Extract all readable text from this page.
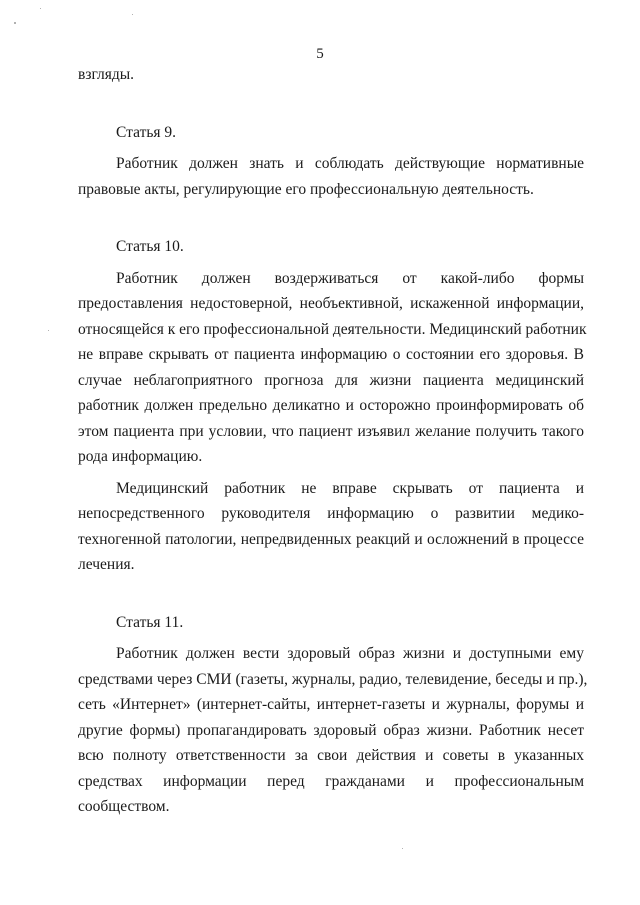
5
взгляды.
Статья 9.
Работник должен знать и соблюдать действующие нормативные
правовые акты, регулирующие его профессиональную деятельность.
Статья 10.
Работник должен воздерживаться от какой-либо формы
предоставления недостоверной, необъективной, искаженной информации,
относящейся к его профессиональной деятельности. Медицинский работник
не вправе скрывать от пациента информацию о состоянии его здоровья. В
случае неблагоприятного прогноза для жизни пациента медицинский
работник должен предельно деликатно и осторожно проинформировать об
этом пациента при условии, что пациент изъявил желание получить такого
рода информацию.
Медицинский работник не вправе скрывать от пациента и
непосредственного руководителя информацию о развитии медико-
техногенной патологии, непредвиденных реакций и осложнений в процессе
лечения.
Статья 11.
Работник должен вести здоровый образ жизни и доступными ему
средствами через СМИ (газеты, журналы, радио, телевидение, беседы и пр.),
сеть «Интернет» (интернет-сайты, интернет-газеты и журналы, форумы и
другие формы) пропагандировать здоровый образ жизни. Работник несет
всю полноту ответственности за свои действия и советы в указанных
средствах информации перед гражданами и профессиональным
сообществом.
